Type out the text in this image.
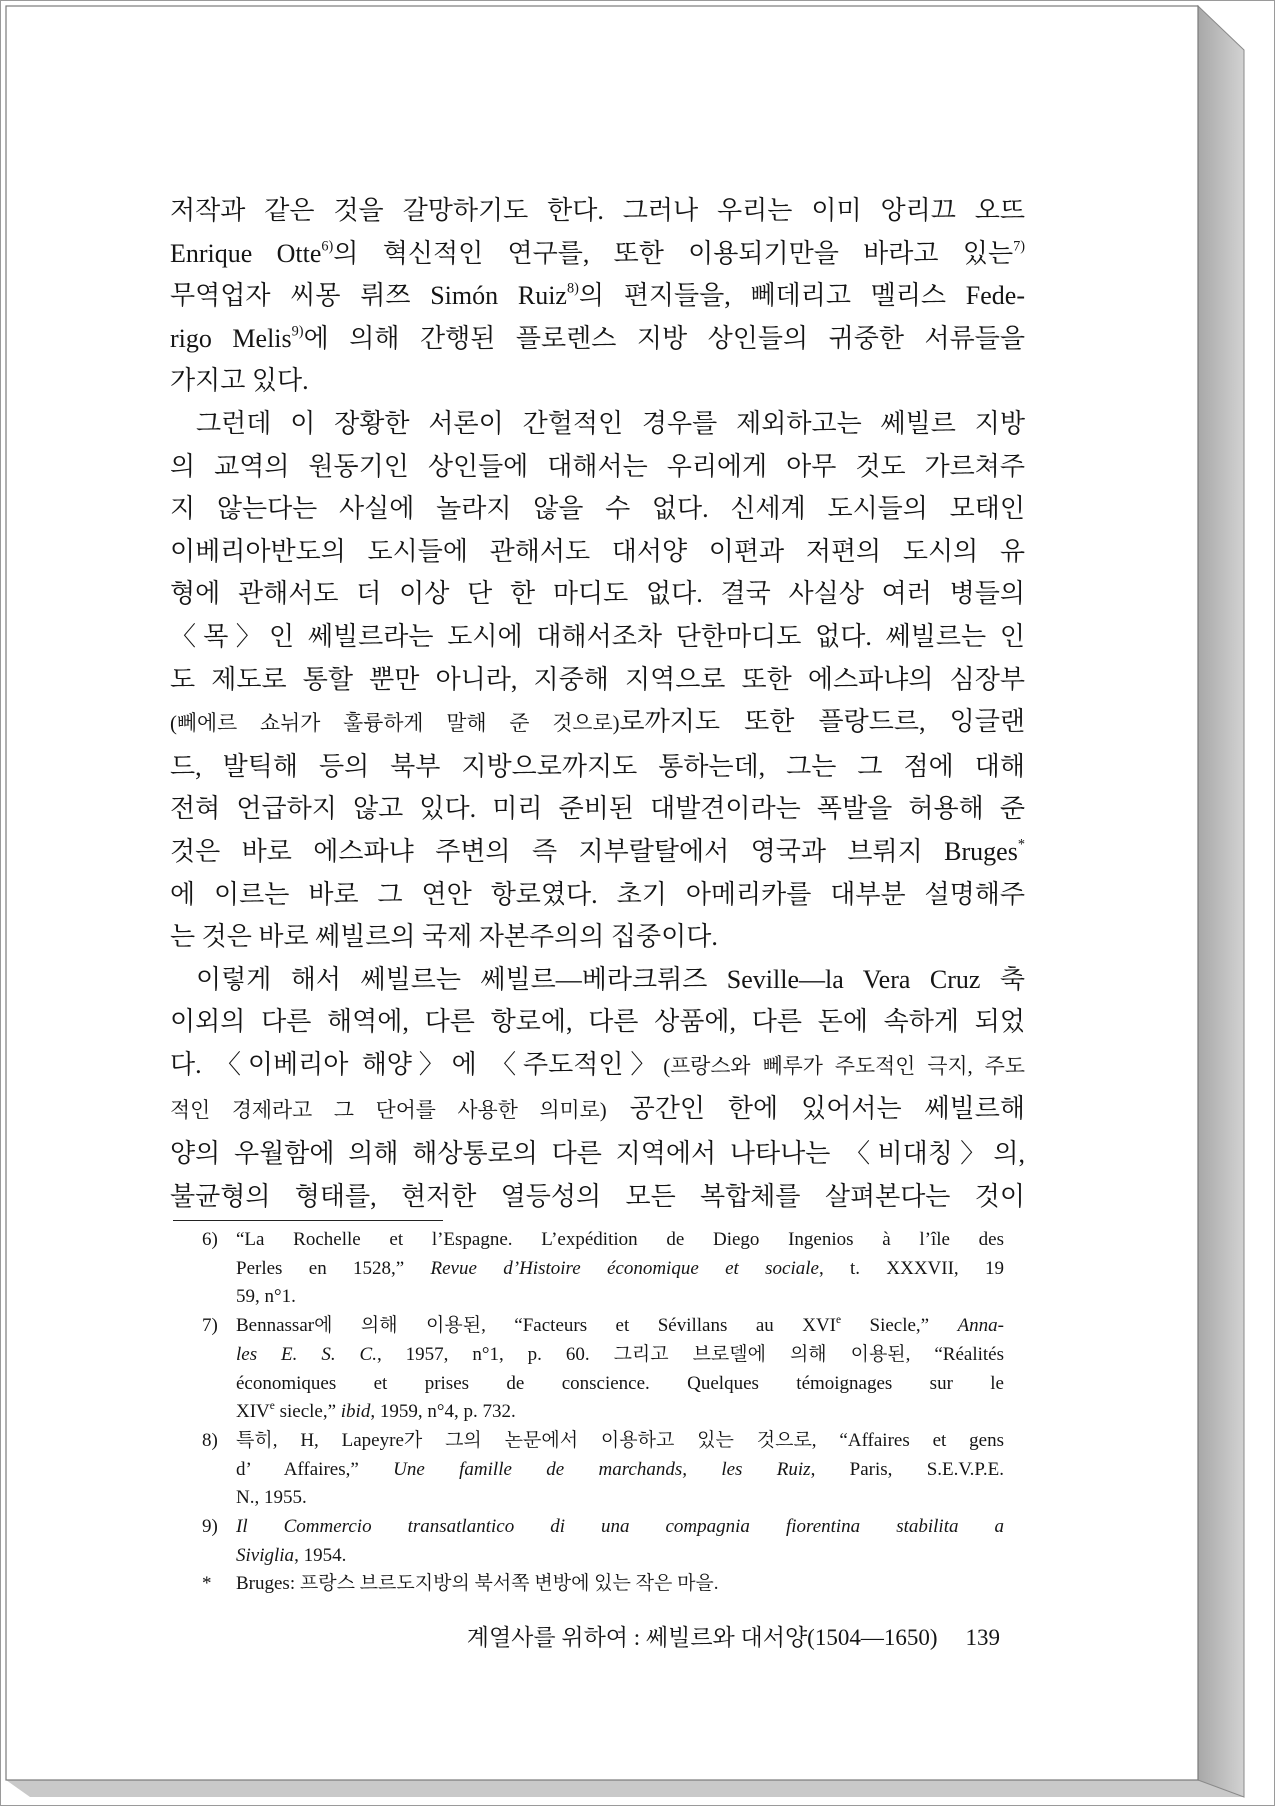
저작과 같은 것을 갈망하기도 한다. 그러나 우리는 이미 앙리끄 오뜨
Enrique Otte$^{6)}$의 혁신적인 연구를, 또한 이용되기만을 바라고 있는$^{7)}$
무역업자 씨몽 뤼쯔 Simón Ruiz$^{8)}$의 편지들을, 뻬데리고 멜리스 Fede-
rigo Melis$^{9)}$에 의해 간행된 플로렌스 지방 상인들의 귀중한 서류들을
가지고 있다.
그런데 이 장황한 서론이 간헐적인 경우를 제외하고는 쎄빌르 지방
의 교역의 원동기인 상인들에 대해서는 우리에게 아무 것도 가르쳐주
지 않는다는 사실에 놀라지 않을 수 없다. 신세계 도시들의 모태인
이베리아반도의 도시들에 관해서도 대서양 이편과 저편의 도시의 유
형에 관해서도 더 이상 단 한 마디도 없다. 결국 사실상 여러 병들의
〈목〉인 쎄빌르라는 도시에 대해서조차 단한마디도 없다. 쎄빌르는 인
도 제도로 통할 뿐만 아니라, 지중해 지역으로 또한 에스파냐의 심장부
(뻬에르 쇼뉘가 훌륭하게 말해 준 것으로)로까지도 또한 플랑드르, 잉글랜
드, 발틱해 등의 북부 지방으로까지도 통하는데, 그는 그 점에 대해
전혀 언급하지 않고 있다. 미리 준비된 대발견이라는 폭발을 허용해 준
것은 바로 에스파냐 주변의 즉 지부랄탈에서 영국과 브뤼지 Bruges*
에 이르는 바로 그 연안 항로였다. 초기 아메리카를 대부분 설명해주
는 것은 바로 쎄빌르의 국제 자본주의의 집중이다.
이렇게 해서 쎄빌르는 쎄빌르—베라크뤼즈 Seville—la Vera Cruz 축
이외의 다른 해역에, 다른 항로에, 다른 상품에, 다른 돈에 속하게 되었
다. 〈이베리아 해양〉에 〈주도적인〉(프랑스와 뻬루가 주도적인 극지, 주도
적인 경제라고 그 단어를 사용한 의미로) 공간인 한에 있어서는 쎄빌르해
양의 우월함에 의해 해상통로의 다른 지역에서 나타나는 〈비대칭〉의,
불균형의 형태를, 현저한 열등성의 모든 복합체를 살펴본다는 것이
6) “La Rochelle et l’Espagne. L’expédition de Diego Ingenios à l’île des
Perles en 1528,” Revue d’Histoire économique et sociale, t. XXXVII, 19
59, n°1.
7) Bennassar에 의해 이용된, “Facteurs et Sévillans au XVIe Siecle,” Anna-
les E. S. C., 1957, n°1, p. 60. 그리고 브로델에 의해 이용된, “Réalités
économiques et prises de conscience. Quelques témoignages sur le
XIVe siecle,” ibid, 1959, n°4, p. 732.
8) 특히, H, Lapeyre가 그의 논문에서 이용하고 있는 것으로, “Affaires et gens
d’ Affaires,” Une famille de marchands, les Ruiz, Paris, S.E.V.P.E.
N., 1955.
9) Il Commercio transatlantico di una compagnia fiorentina stabilita a
Siviglia, 1954.
*	Bruges: 프랑스 브르도지방의 북서쪽 변방에 있는 작은 마을.
계열사를 위하여 : 쎄빌르와 대서양(1504—1650) 139
